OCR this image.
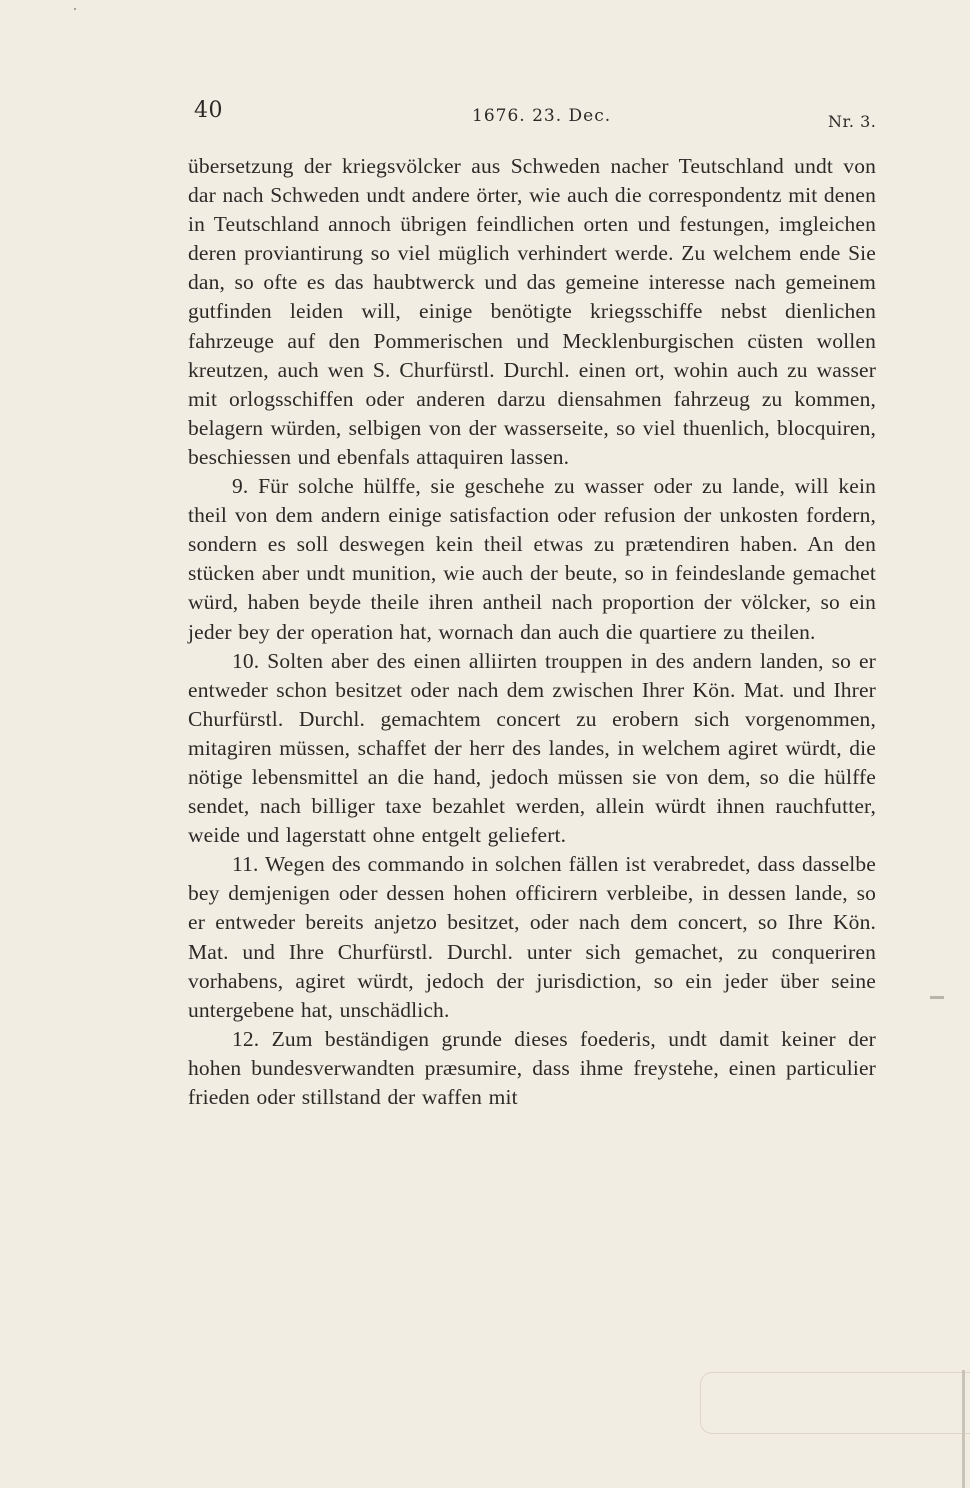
40	1676. 23. Dec.	Nr. 3.

übersetzung der kriegsvölcker aus Schweden nacher Teutschland undt von dar nach Schweden undt andere örter, wie auch die correspondentz mit denen in Teutschland annoch übrigen feindlichen orten und festungen, imgleichen deren proviantirung so viel müglich verhindert werde. Zu welchem ende Sie dan, so ofte es das haubtwerck und das gemeine interesse nach gemeinem gutfinden leiden will, einige benötigte kriegsschiffe nebst dienlichen fahrzeuge auf den Pommerischen und Mecklenburgischen cüsten wollen kreutzen, auch wen S. Churfürstl. Durchl. einen ort, wohin auch zu wasser mit orlogsschiffen oder anderen darzu diensahmen fahrzeug zu kommen, belagern würden, selbigen von der wasserseite, so viel thuenlich, blocquiren, beschiessen und ebenfals attaquiren lassen.

9. Für solche hülffe, sie geschehe zu wasser oder zu lande, will kein theil von dem andern einige satisfaction oder refusion der unkosten fordern, sondern es soll deswegen kein theil etwas zu prætendiren haben. An den stücken aber undt munition, wie auch der beute, so in feindeslande gemachet würd, haben beyde theile ihren antheil nach proportion der völcker, so ein jeder bey der operation hat, wornach dan auch die quartiere zu theilen.

10. Solten aber des einen alliirten trouppen in des andern landen, so er entweder schon besitzet oder nach dem zwischen Ihrer Kön. Mat. und Ihrer Churfürstl. Durchl. gemachtem concert zu erobern sich vorgenommen, mitagiren müssen, schaffet der herr des landes, in welchem agiret würdt, die nötige lebensmittel an die hand, jedoch müssen sie von dem, so die hülffe sendet, nach billiger taxe bezahlet werden, allein würdt ihnen rauchfutter, weide und lagerstatt ohne entgelt geliefert.

11. Wegen des commando in solchen fällen ist verabredet, dass dasselbe bey demjenigen oder dessen hohen officirern verbleibe, in dessen lande, so er entweder bereits anjetzo besitzet, oder nach dem concert, so Ihre Kön. Mat. und Ihre Churfürstl. Durchl. unter sich gemachet, zu conqueriren vorhabens, agiret würdt, jedoch der jurisdiction, so ein jeder über seine untergebene hat, unschädlich.

12. Zum beständigen grunde dieses foederis, undt damit keiner der hohen bundesverwandten præsumire, dass ihme freystehe, einen particulier frieden oder stillstand der waffen mit
